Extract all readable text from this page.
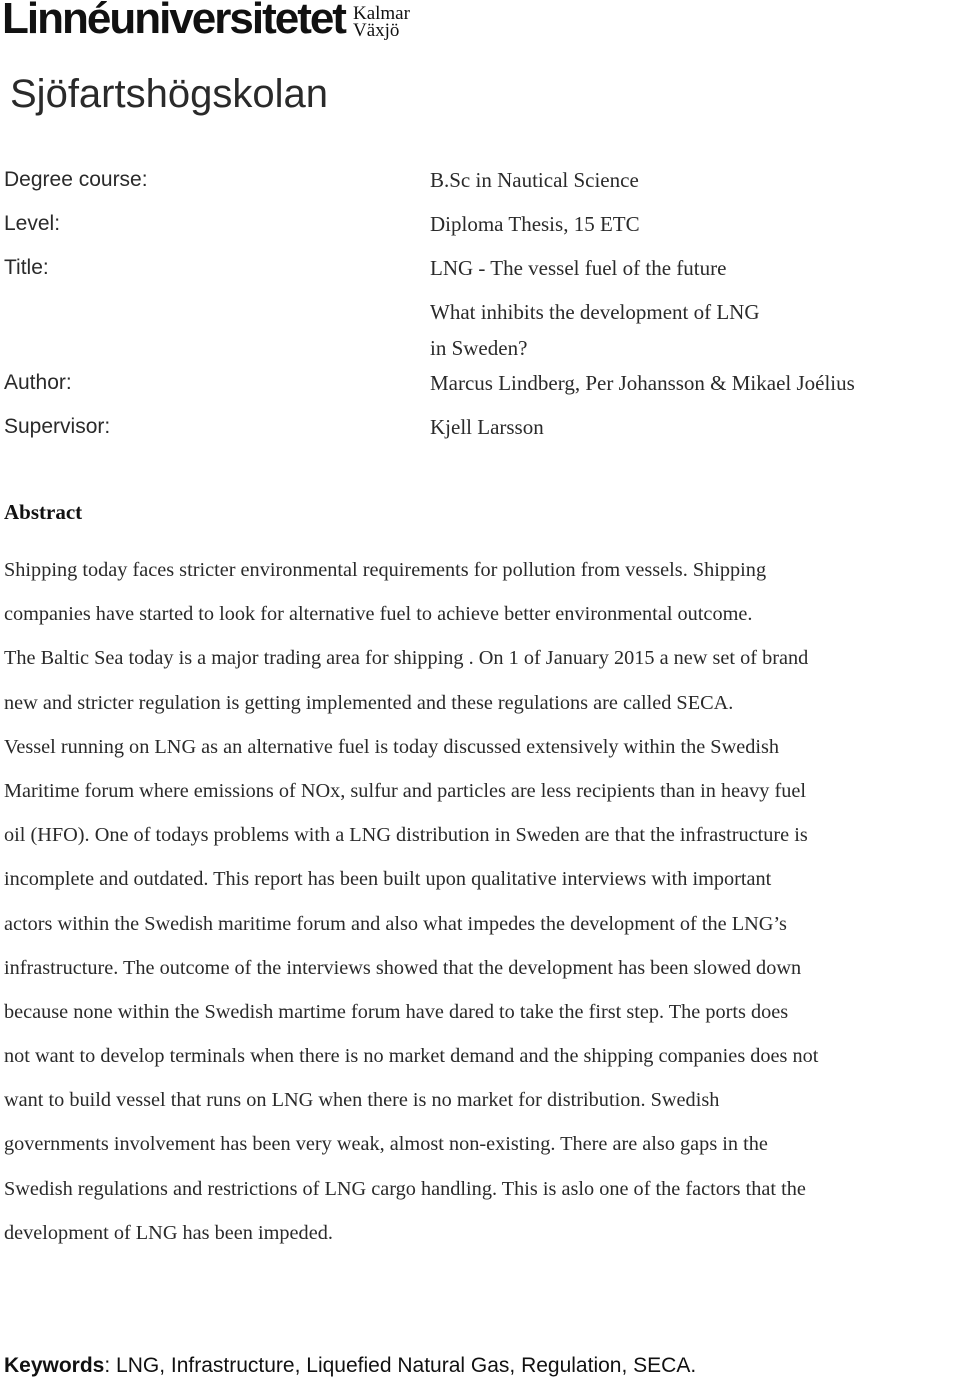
Linnéuniversitetet Kalmar
Växjö
Sjöfartshögskolan
Degree course:	B.Sc in Nautical Science
Level:	Diploma Thesis, 15 ETC
Title:	LNG - The vessel fuel of the future
What inhibits the development of LNG
in Sweden?
Author:	Marcus Lindberg, Per Johansson & Mikael Joélius
Supervisor:	Kjell Larsson
Abstract
Shipping today faces stricter environmental requirements for pollution from vessels. Shipping
companies have started to look for alternative fuel to achieve better environmental outcome.
The Baltic Sea today is a major trading area for shipping . On 1 of January 2015 a new set of brand
new and stricter regulation is getting implemented and these regulations are called SECA.
Vessel running on LNG as an alternative fuel is today discussed extensively within the Swedish
Maritime forum where emissions of NOx, sulfur and particles are less recipients than in heavy fuel
oil (HFO). One of todays problems with a LNG distribution in Sweden are that the infrastructure is
incomplete and outdated. This report has been built upon qualitative interviews with important
actors within the Swedish maritime forum and also what impedes the development of the LNG’s
infrastructure. The outcome of the interviews showed that the development has been slowed down
because none within the Swedish martime forum have dared to take the first step. The ports does
not want to develop terminals when there is no market demand and the shipping companies does not
want to build vessel that runs on LNG when there is no market for distribution. Swedish
governments involvement has been very weak, almost non-existing. There are also gaps in the
Swedish regulations and restrictions of LNG cargo handling. This is aslo one of the factors that the
development of LNG has been impeded.
Keywords: LNG, Infrastructure, Liquefied Natural Gas, Regulation, SECA.
